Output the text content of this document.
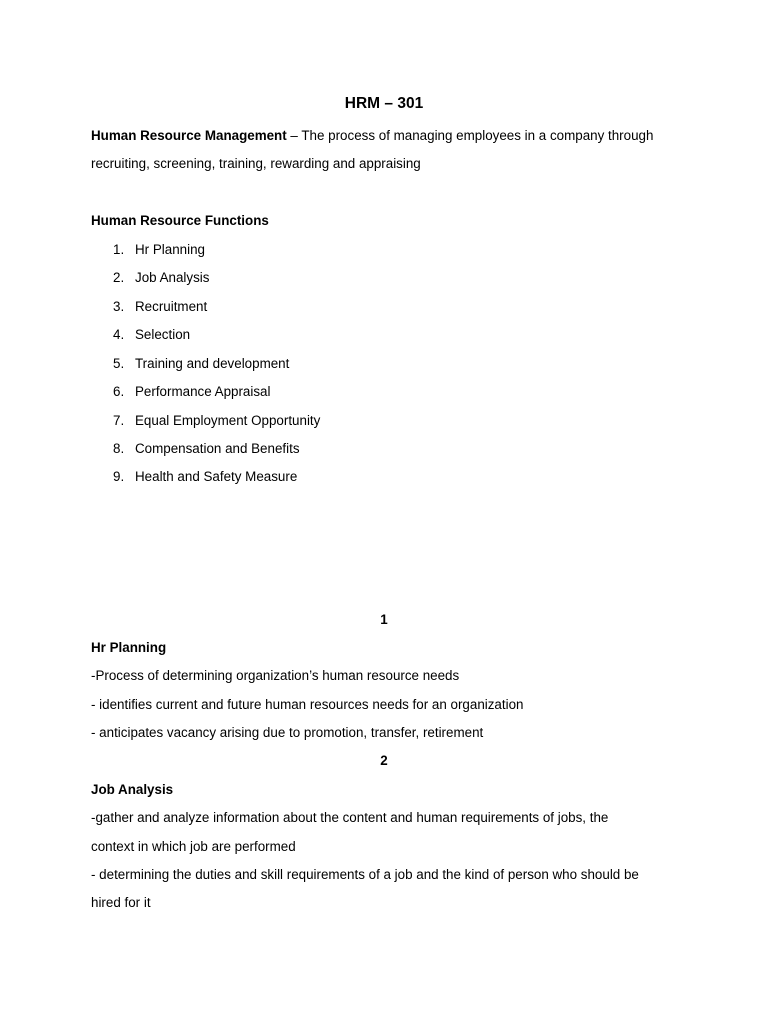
HRM – 301
Human Resource Management – The process of managing employees in a company through
recruiting, screening, training, rewarding and appraising
Human Resource Functions
1. Hr Planning
2. Job Analysis
3. Recruitment
4. Selection
5. Training and development
6. Performance Appraisal
7. Equal Employment Opportunity
8. Compensation and Benefits
9. Health and Safety Measure
1
Hr Planning
-Process of determining organization’s human resource needs
- identifies current and future human resources needs for an organization
- anticipates vacancy arising due to promotion, transfer, retirement
2
Job Analysis
-gather and analyze information about the content and human requirements of jobs, the
context in which job are performed
- determining the duties and skill requirements of a job and the kind of person who should be
hired for it
